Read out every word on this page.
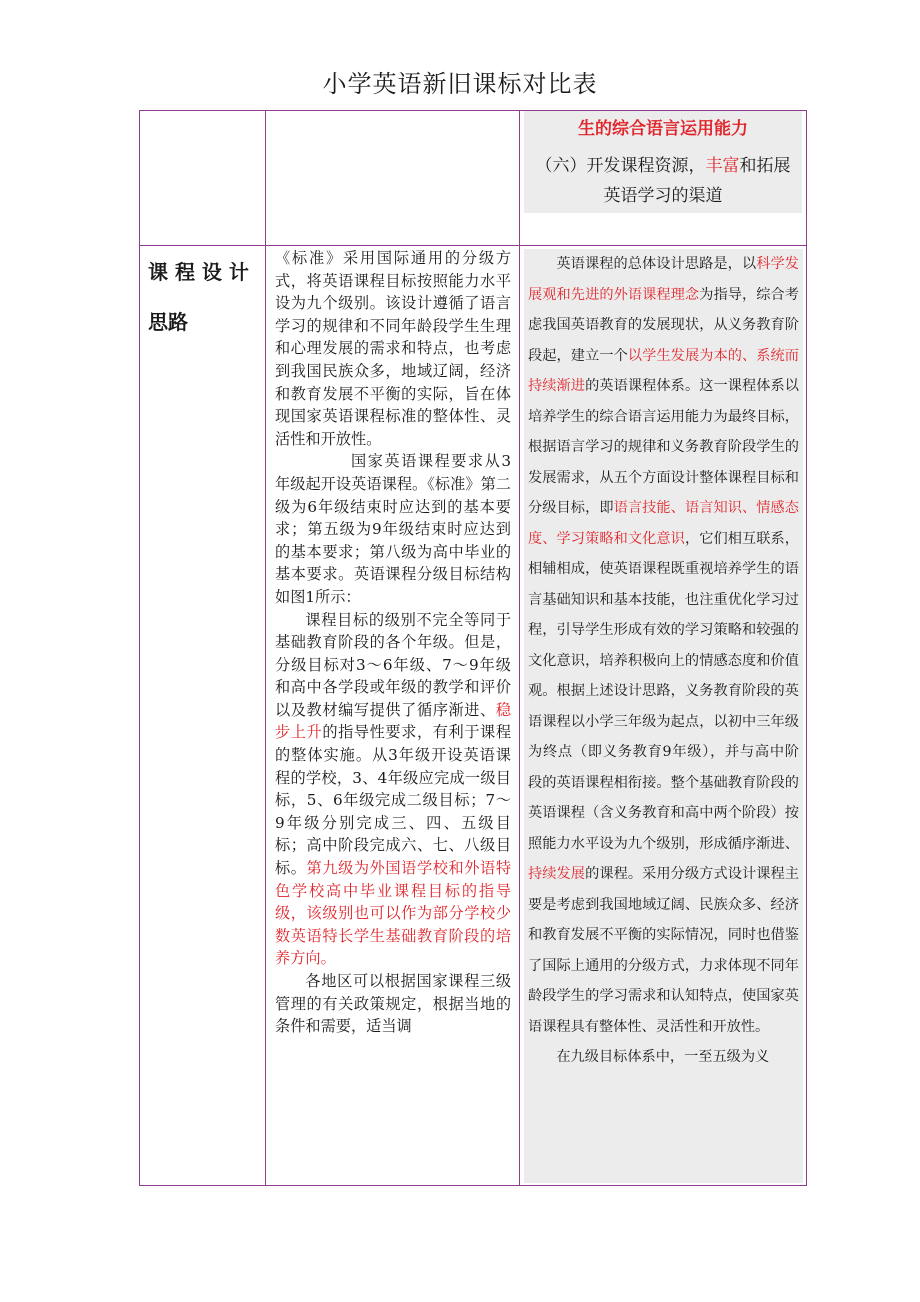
小学英语新旧课标对比表
生的综合语言运用能力
（六）开发课程资源，丰富和拓展
英语学习的渠道
课 程 设 计
思路

《标准》采用国际通用的分级方式，将英语课程目标按照能力水平设为九个级别。该设计遵循了语言学习的规律和不同年龄段学生生理和心理发展的需求和特点，也考虑到我国民族众多，地域辽阔，经济和教育发展不平衡的实际，旨在体现国家英语课程标准的整体性、灵活性和开放性。

国家英语课程要求从3年级起开设英语课程。《标准》第二级为6年级结束时应达到的基本要求；第五级为9年级结束时应达到的基本要求；第八级为高中毕业的基本要求。英语课程分级目标结构如图1所示：

课程目标的级别不完全等同于基础教育阶段的各个年级。但是，分级目标对3～6年级、7～9年级和高中各学段或年级的教学和评价以及教材编写提供了循序渐进、稳步上升的指导性要求，有利于课程的整体实施。从3年级开设英语课程的学校，3、4年级应完成一级目标，5、6年级完成二级目标；7～9年级分别完成三、四、五级目标；高中阶段完成六、七、八级目标。第九级为外国语学校和外语特色学校高中毕业课程目标的指导级，该级别也可以作为部分学校少数英语特长学生基础教育阶段的培养方向。

各地区可以根据国家课程三级管理的有关政策规定，根据当地的条件和需要，适当调

英语课程的总体设计思路是，以科学发展观和先进的外语课程理念为指导，综合考虑我国英语教育的发展现状，从义务教育阶段起，建立一个以学生发展为本的、系统而持续渐进的英语课程体系。这一课程体系以培养学生的综合语言运用能力为最终目标，根据语言学习的规律和义务教育阶段学生的发展需求，从五个方面设计整体课程目标和分级目标，即语言技能、语言知识、情感态度、学习策略和文化意识，它们相互联系，相辅相成，使英语课程既重视培养学生的语言基础知识和基本技能，也注重优化学习过程，引导学生形成有效的学习策略和较强的文化意识，培养积极向上的情感态度和价值观。根据上述设计思路，义务教育阶段的英语课程以小学三年级为起点，以初中三年级为终点（即义务教育9年级），并与高中阶段的英语课程相衔接。整个基础教育阶段的英语课程（含义务教育和高中两个阶段）按照能力水平设为九个级别，形成循序渐进、持续发展的课程。采用分级方式设计课程主要是考虑到我国地域辽阔、民族众多、经济和教育发展不平衡的实际情况，同时也借鉴了国际上通用的分级方式，力求体现不同年龄段学生的学习需求和认知特点，使国家英语课程具有整体性、灵活性和开放性。

在九级目标体系中，一至五级为义
